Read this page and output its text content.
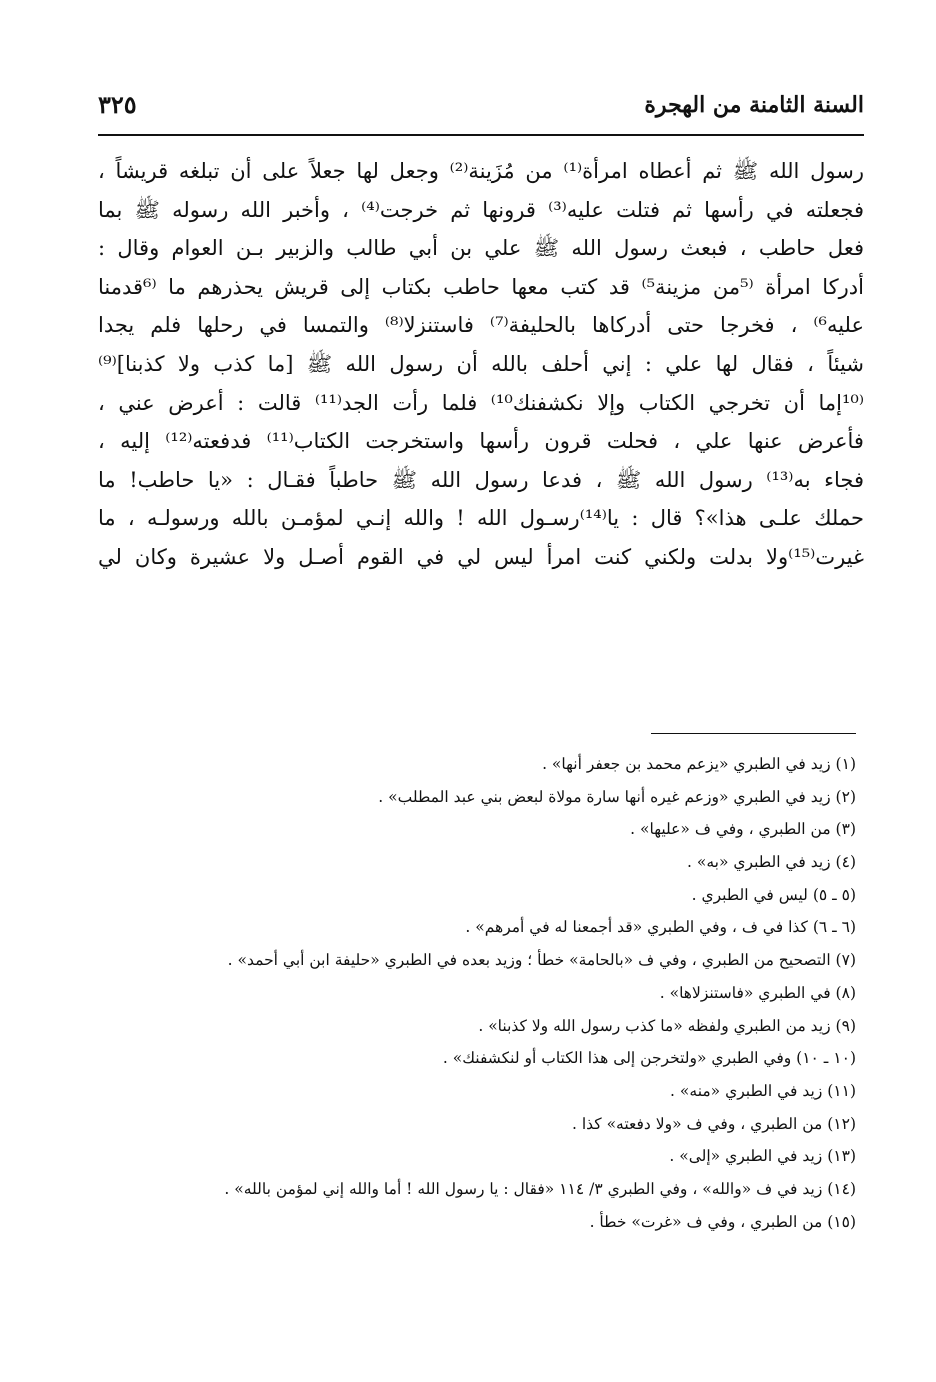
السنة الثامنة من الهجرة
٣٢٥
رسول الله ﷺ ثم أعطاه امرأة⁽¹⁾ من مُزَينة⁽²⁾ وجعل لها جعلاً على أن تبلغه قريشاً ،
فجعلته في رأسها ثم فتلت عليه⁽³⁾ قرونها ثم خرجت⁽⁴⁾ ، وأخبر الله رسوله ﷺ بما
فعل حاطب ، فبعث رسول الله ﷺ علي بن أبي طالب والزبير بـن العوام وقال :
أدركا امرأة ⁽⁵من مزينة⁵⁾ قد كتب معها حاطب بكتاب إلى قريش يحذرهم ما ⁽⁶قدمنا
عليه⁶⁾ ، فخرجا حتى أدركاها بالحليفة⁽⁷⁾ فاستنزلا⁽⁸⁾ والتمسا في رحلها فلم يجدا
شيئاً ، فقال لها علي : إني أحلف بالله أن رسول الله ﷺ [ما كذب ولا كذبنا]⁽⁹⁾
⁽¹⁰إما أن تخرجي الكتاب وإلا نكشفنك¹⁰⁾ فلما رأت الجد⁽¹¹⁾ قالت : أعرض عني ،
فأعرض عنها علي ، فحلت قرون رأسها واستخرجت الكتاب⁽¹¹⁾ فدفعته⁽¹²⁾ إليه ،
فجاء به⁽¹³⁾ رسول الله ﷺ ، فدعا رسول الله ﷺ حاطباً فقـال : «يا حاطب! ما
حملك علـى هذا»؟ قال : يا⁽¹⁴⁾رسـول الله ! والله إنـي لمؤمـن بالله ورسولـه ، ما
غيرت⁽¹⁵⁾ولا بدلت ولكني كنت امرأ ليس لي في القوم أصـل ولا عشيرة وكان لي
(١) زيد في الطبري «يزعم محمد بن جعفر أنها» .
(٢) زيد في الطبري «وزعم غيره أنها سارة مولاة لبعض بني عبد المطلب» .
(٣) من الطبري ، وفي ف «عليها» .
(٤) زيد في الطبري «به» .
(٥ ـ ٥) ليس في الطبري .
(٦ ـ ٦) كذا في ف ، وفي الطبري «قد أجمعنا له في أمرهم» .
(٧) التصحيح من الطبري ، وفي ف «بالحامة» خطأ ؛ وزيد بعده في الطبري «حليفة ابن أبي أحمد» .
(٨) في الطبري «فاستنزلاها» .
(٩) زيد من الطبري ولفظه «ما كذب رسول الله ولا كذبنا» .
(١٠ ـ ١٠) وفي الطبري «ولتخرجن إلى هذا الكتاب أو لنكشفنك» .
(١١) زيد في الطبري «منه» .
(١٢) من الطبري ، وفي ف «ولا دفعته» كذا .
(١٣) زيد في الطبري «إلى» .
(١٤) زيد في ف «والله» ، وفي الطبري ٣/ ١١٤ «فقال : يا رسول الله ! أما والله إني لمؤمن بالله» .
(١٥) من الطبري ، وفي ف «غرت» خطأ .
